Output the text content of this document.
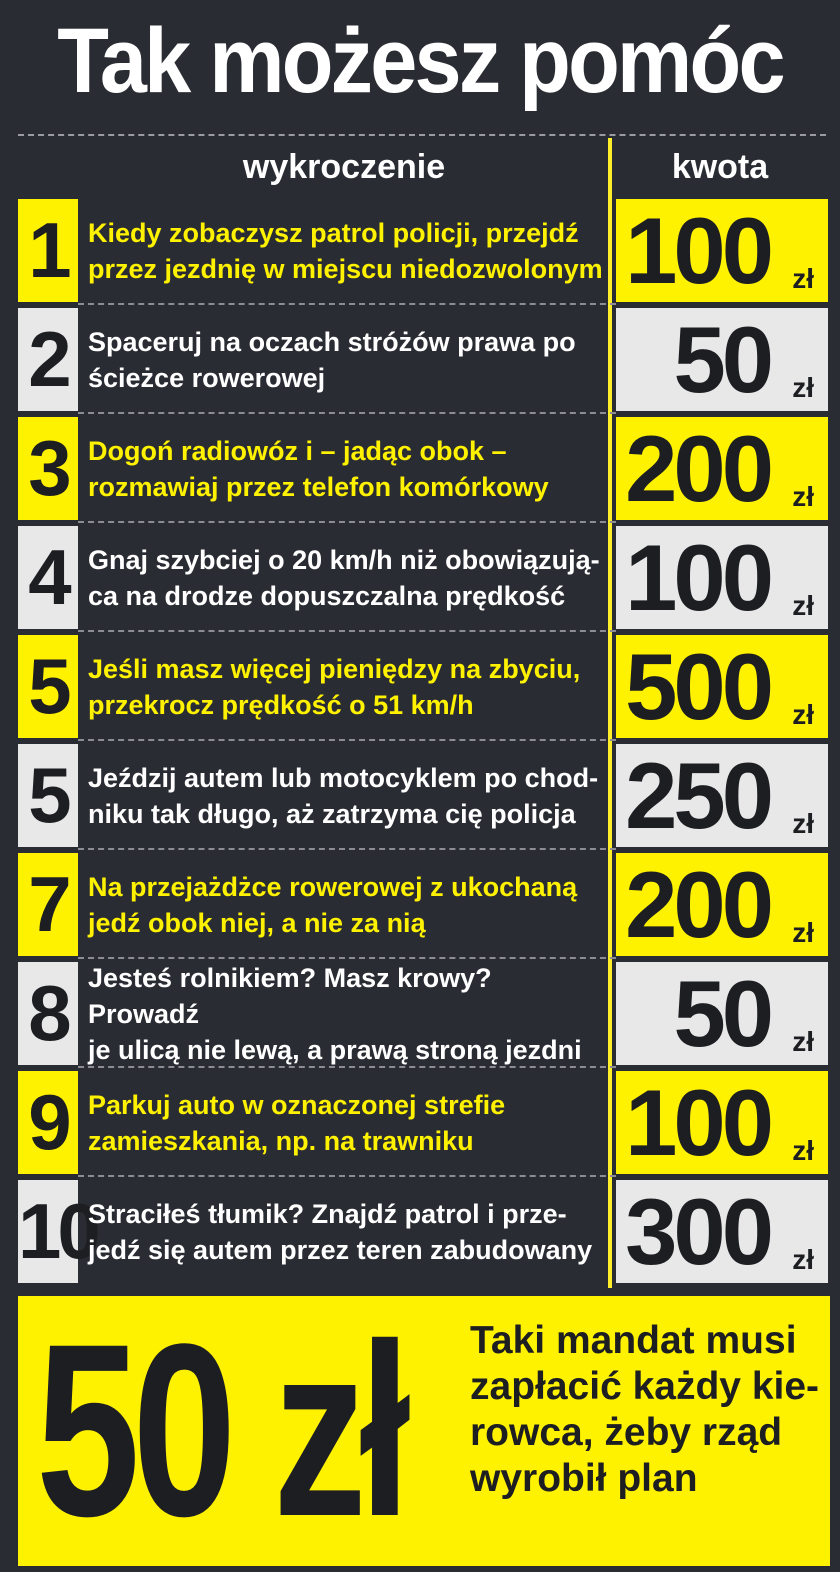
Tak możesz pomóc
wykroczenie	kwota
1 Kiedy zobaczysz patrol policji, przejdź
przez jezdnię w miejscu niedozwolonym 100 zł
2 Spaceruj na oczach stróżów prawa po
ścieżce rowerowej	50 zł
3 Dogoń radiowóz i – jadąc obok –
rozmawiaj przez telefon komórkowy 200 zł
4 Gnaj szybciej o 20 km/h niż obowiązują-
ca na drodze dopuszczalna prędkość 100 zł
5 Jeśli masz więcej pieniędzy na zbyciu,
przekrocz prędkość o 51 km/h	500 zł
5 Jeździj autem lub motocyklem po chod-
niku tak długo, aż zatrzyma cię policja 250 zł
7 Na przejażdżce rowerowej z ukochaną
jedź obok niej, a nie za nią	200 zł
8 Jesteś rolnikiem? Masz krowy? Prowadź
je ulicą nie lewą, a prawą stroną jezdni 50 zł
9 Parkuj auto w oznaczonej strefie
zamieszkania, np. na trawniku	100 zł
10
Straciłeś tłumik? Znajdź patrol i prze-
jedź się autem przez teren zabudowany 300 zł
50 zł Taki mandat musi
zapłacić każdy kie-
rowca, żeby rząd
wyrobił plan
